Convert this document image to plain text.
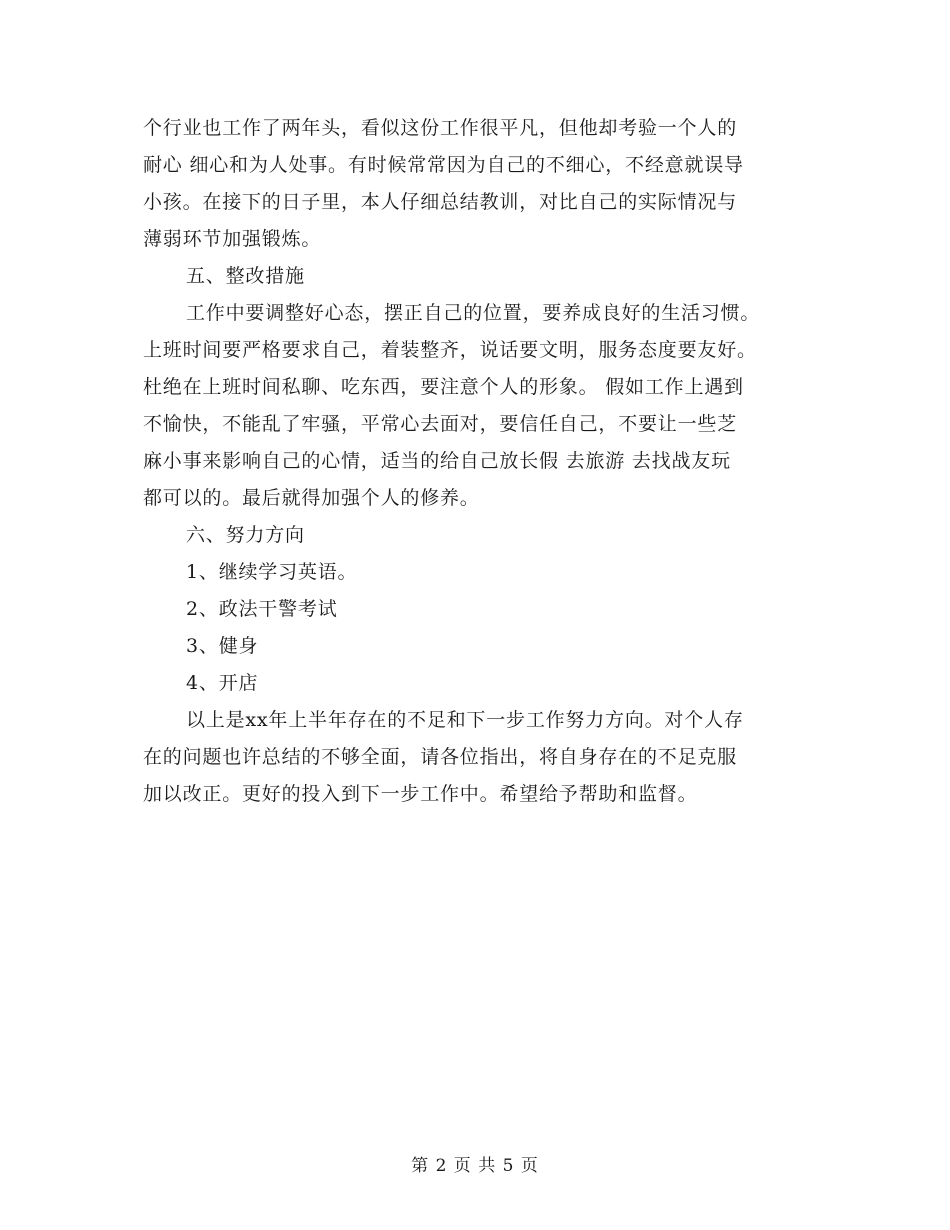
个行业也工作了两年头，看似这份工作很平凡，但他却考验一个人的
耐心 细心和为人处事。有时候常常因为自己的不细心，不经意就误导
小孩。在接下的日子里，本人仔细总结教训，对比自己的实际情况与
薄弱环节加强锻炼。
五、整改措施
工作中要调整好心态，摆正自己的位置，要养成良好的生活习惯。
上班时间要严格要求自己，着装整齐，说话要文明，服务态度要友好。
杜绝在上班时间私聊、吃东西，要注意个人的形象。 假如工作上遇到
不愉快，不能乱了牢骚，平常心去面对，要信任自己，不要让一些芝
麻小事来影响自己的心情，适当的给自己放长假 去旅游 去找战友玩
都可以的。最后就得加强个人的修养。
六、努力方向
1、继续学习英语。
2、政法干警考试
3、健身
4、开店
以上是xx年上半年存在的不足和下一步工作努力方向。对个人存
在的问题也许总结的不够全面，请各位指出，将自身存在的不足克服
加以改正。更好的投入到下一步工作中。希望给予帮助和监督。
第 2 页 共 5 页
